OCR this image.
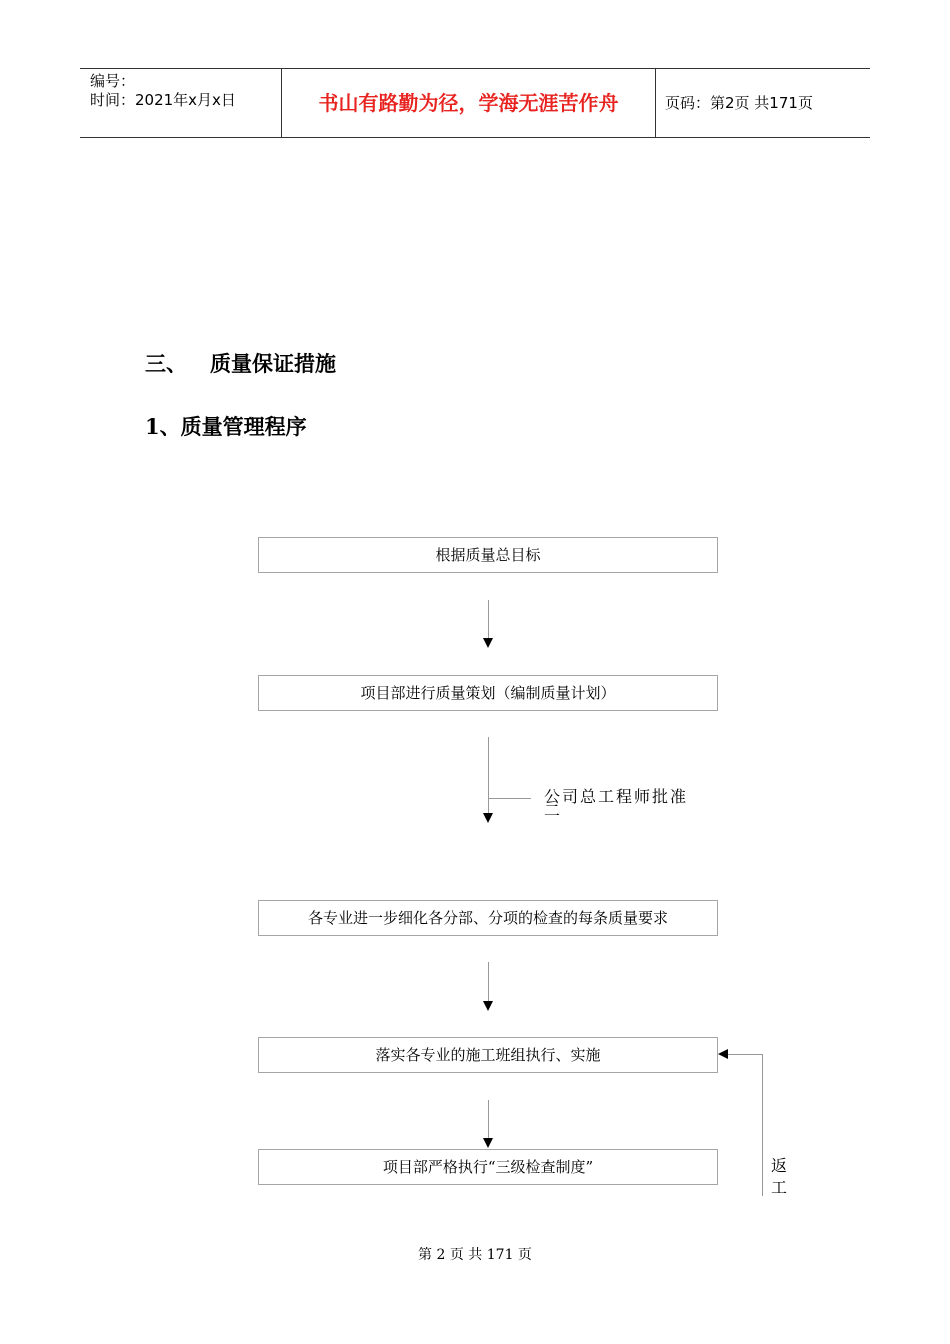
编号：
时间：2021年x月x日	书山有路勤为径，学海无涯苦作舟	页码：第2页 共171页
三、 质量保证措施
1、质量管理程序
根据质量总目标
项目部进行质量策划（编制质量计划）
公司总工程师批准
二
各专业进一步细化各分部、分项的检查的每条质量要求
落实各专业的施工班组执行、实施
项目部严格执行“三级检查制度”	返工
第 2 页 共 171 页
